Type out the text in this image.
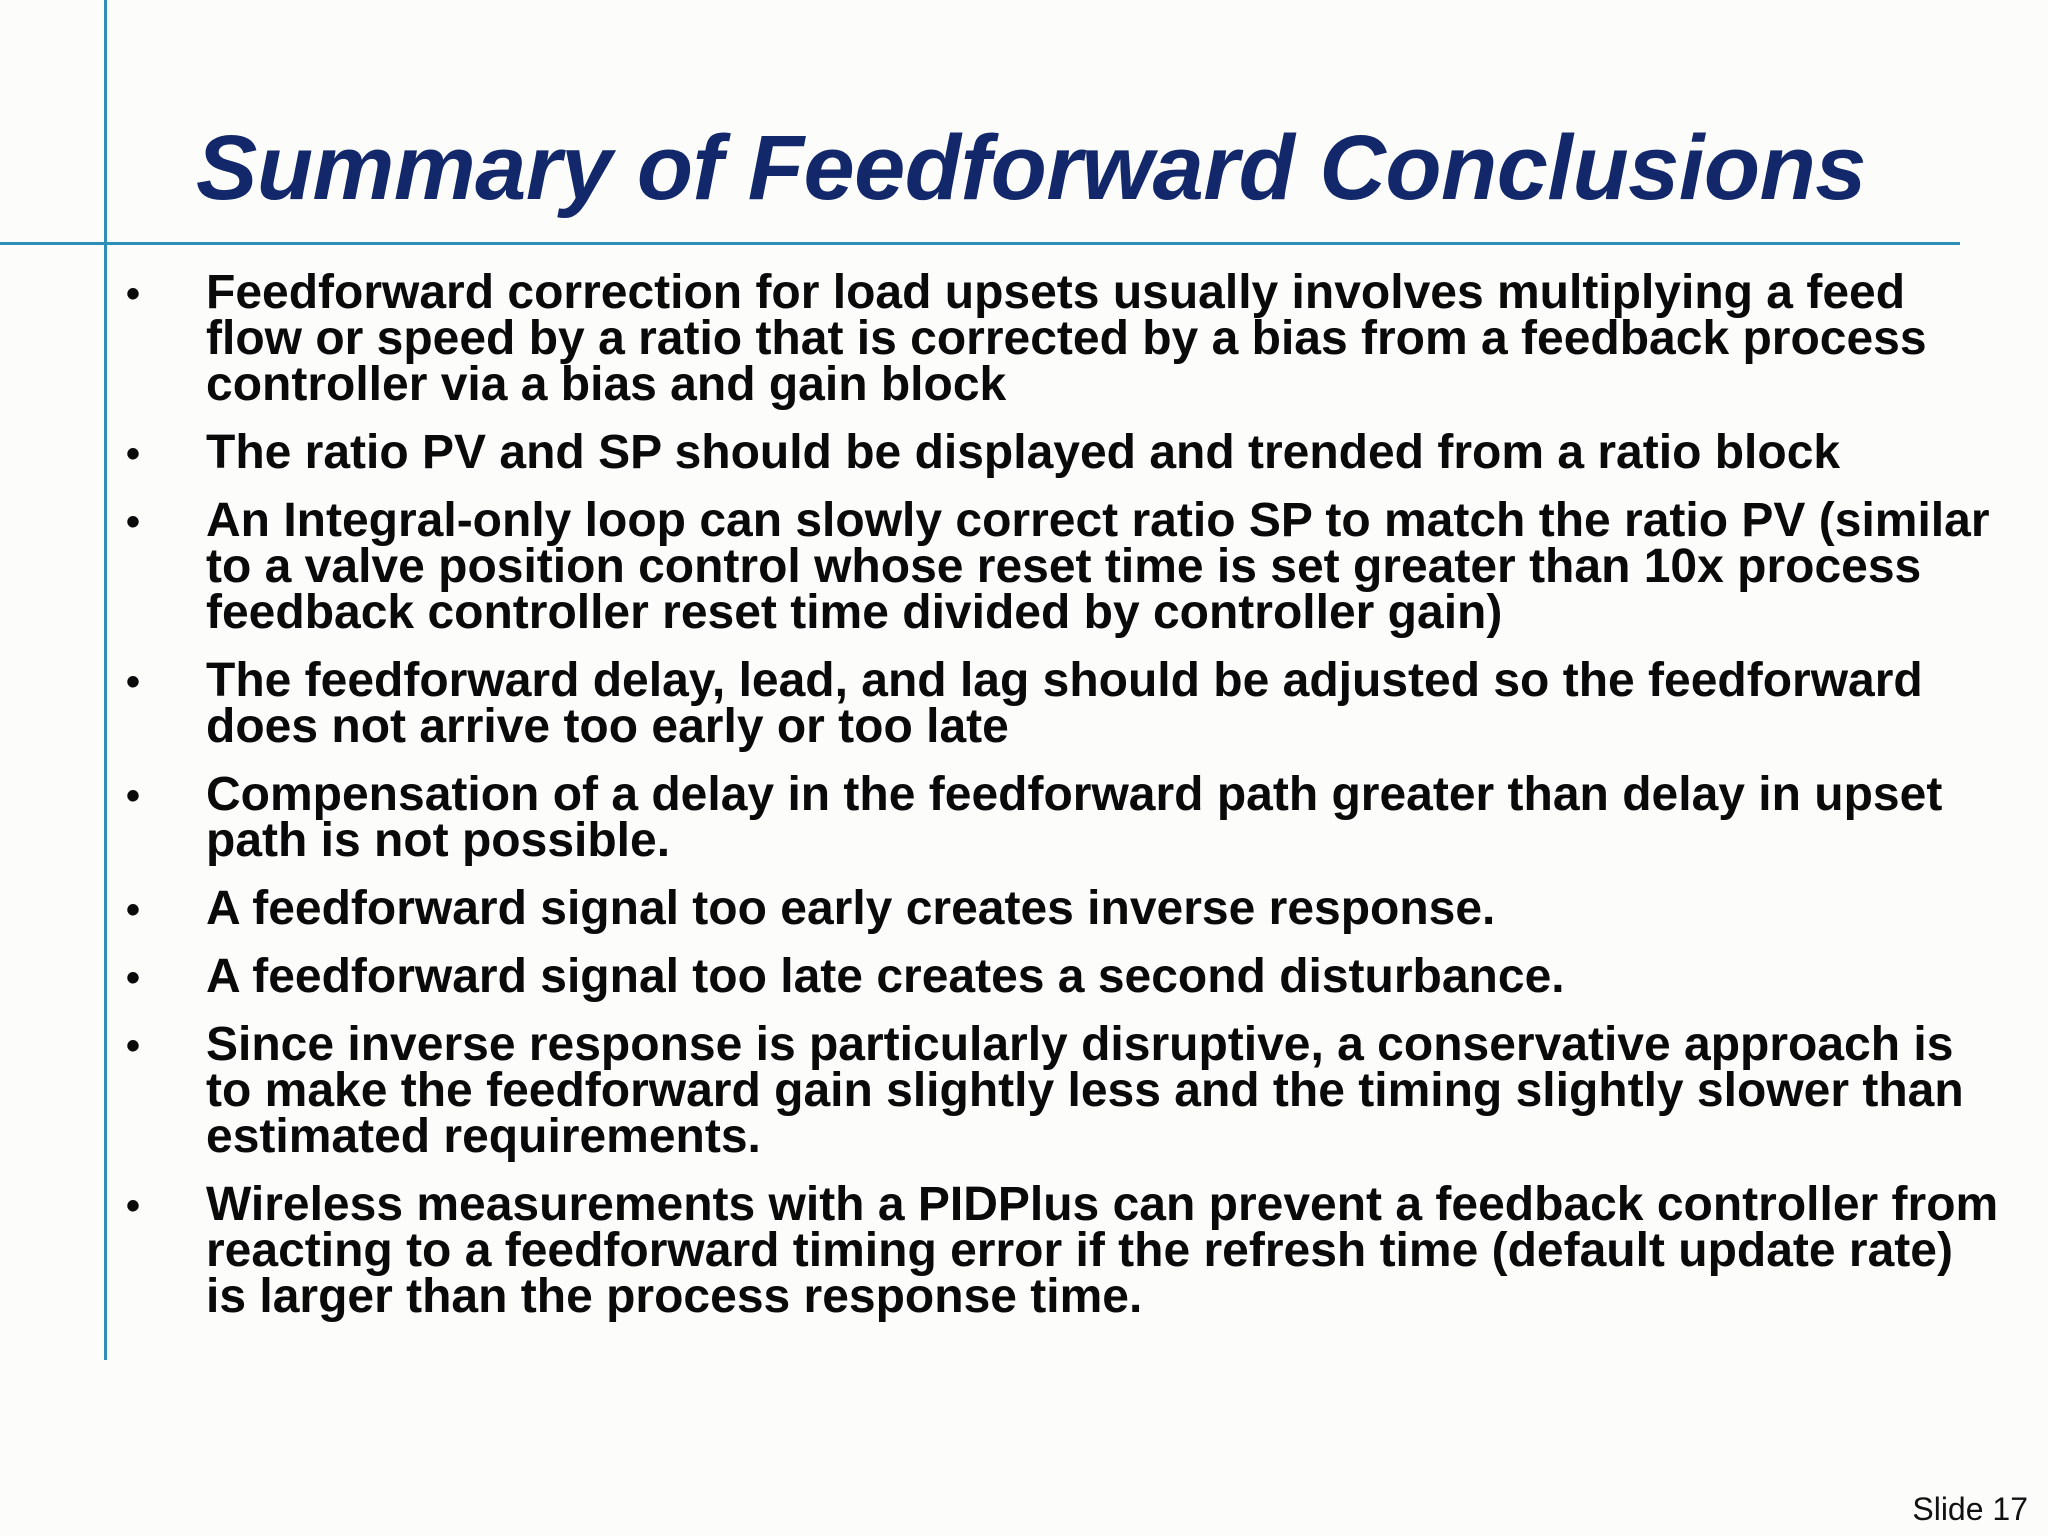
Summary of Feedforward Conclusions
• Feedforward correction for load upsets usually involves multiplying a feed flow or speed by a ratio that is corrected by a bias from a feedback process controller via a bias and gain block
• The ratio PV and SP should be displayed and trended from a ratio block
• An Integral-only loop can slowly correct ratio SP to match the ratio PV (similar to a valve position control whose reset time is set greater than 10x process feedback controller reset time divided by controller gain)
• The feedforward delay, lead, and lag should be adjusted so the feedforward does not arrive too early or too late
• Compensation of a delay in the feedforward path greater than delay in upset path is not possible.
• A feedforward signal too early creates inverse response.
• A feedforward signal too late creates a second disturbance.
• Since inverse response is particularly disruptive, a conservative approach is to make the feedforward gain slightly less and the timing slightly slower than estimated requirements.
• Wireless measurements with a PIDPlus can prevent a feedback controller from reacting to a feedforward timing error if the refresh time (default update rate) is larger than the process response time.
Slide 17
